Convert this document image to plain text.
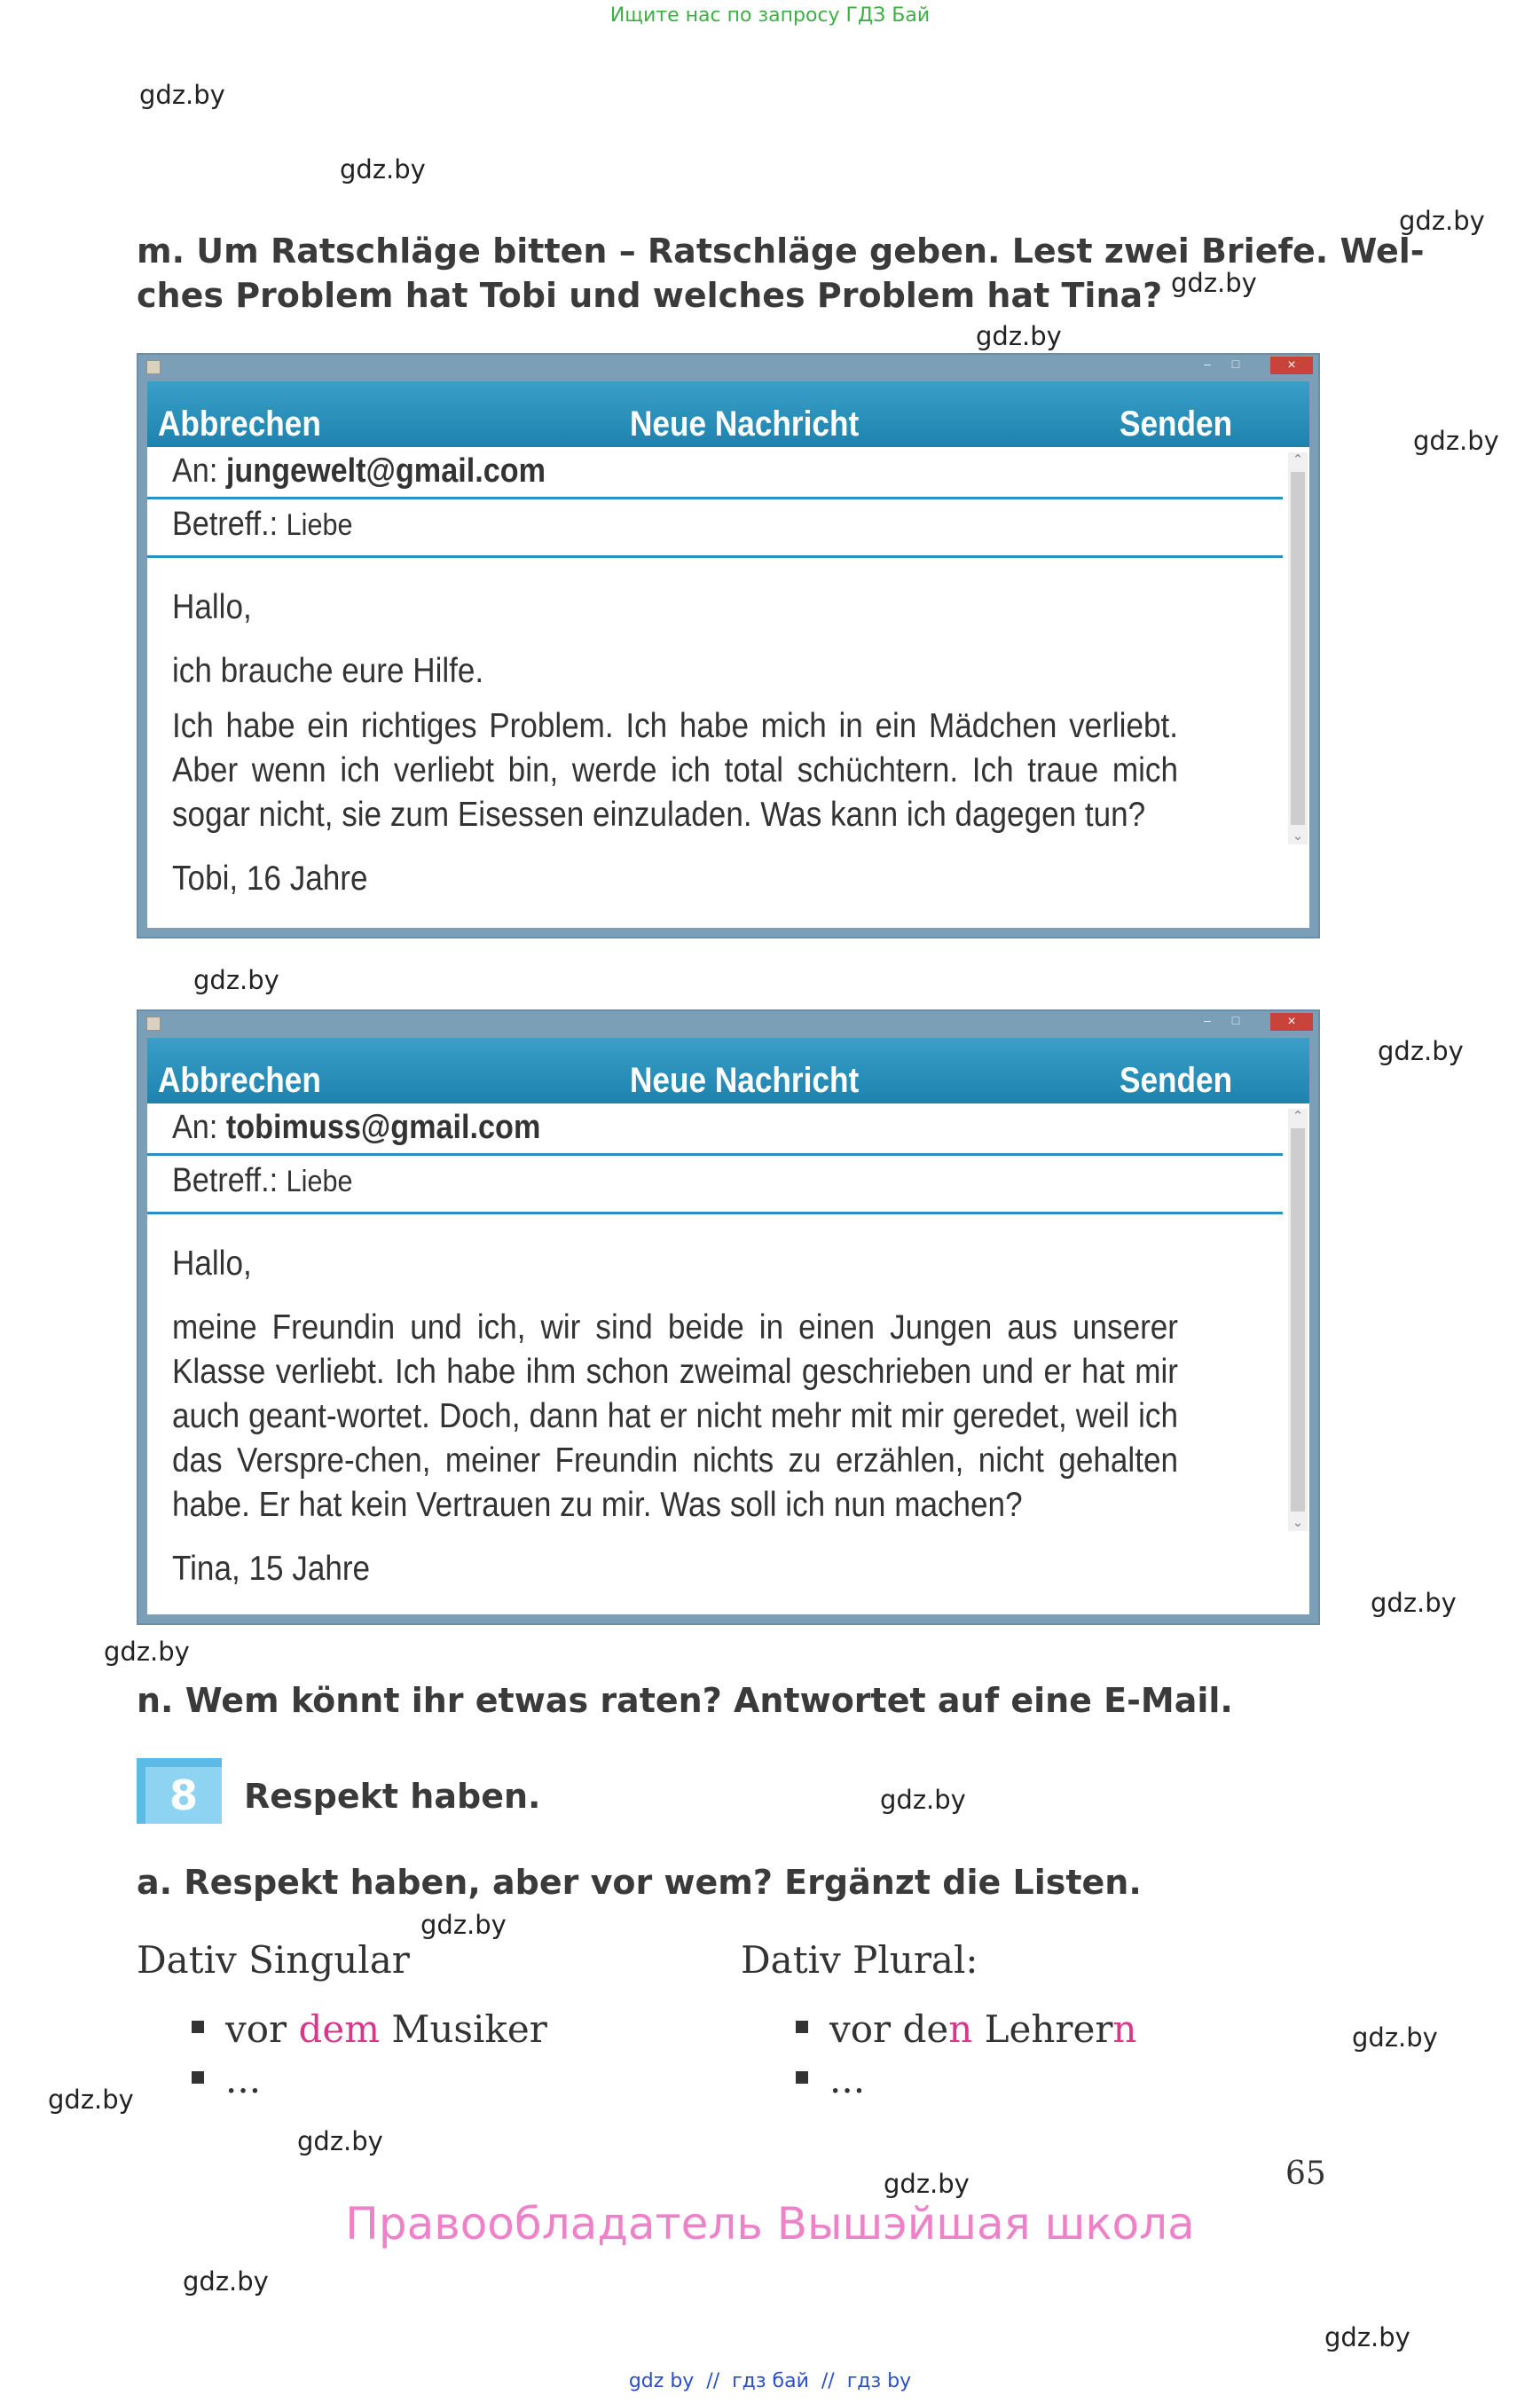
Ищите нас по запросу ГДЗ Бай
gdz.by
gdz.by
gdz.by
gdz.by
gdz.by
gdz.by
gdz.by
gdz.by
gdz.by
gdz.by
gdz.by
gdz.by
gdz.by
gdz.by
gdz.by
gdz.by
gdz.by
gdz.by
m. Um Ratschläge bitten – Ratschläge geben. Lest zwei Briefe. Wel-
ches Problem hat Tobi und welches Problem hat Tina?
–	□	×
Abbrechen	Neue Nachricht	Senden
An: jungewelt@gmail.com
Betreff.: Liebe

Hallo,

ich brauche eure Hilfe.

Ich habe ein richtiges Problem. Ich habe mich in ein Mädchen verliebt. Aber wenn ich verliebt bin, werde ich total schüchtern. Ich traue mich sogar nicht, sie zum Eisessen einzuladen. Was kann ich dagegen tun?

Tobi, 16 Jahre

⌃
⌄
–	□	×
Abbrechen	Neue Nachricht	Senden
An: tobimuss@gmail.com
Betreff.: Liebe

Hallo,

meine Freundin und ich, wir sind beide in einen Jungen aus unserer Klasse verliebt. Ich habe ihm schon zweimal geschrieben und er hat mir auch geant-wortet. Doch, dann hat er nicht mehr mit mir geredet, weil ich das Verspre-chen, meiner Freundin nichts zu erzählen, nicht gehalten habe. Er hat kein Vertrauen zu mir. Was soll ich nun machen?

Tina, 15 Jahre

⌃
⌄
n. Wem könnt ihr etwas raten? Antwortet auf eine E-Mail.
8	Respekt haben.
a. Respekt haben, aber vor wem? Ergänzt die Listen.
Dativ Singular
vor dem Musiker
...
Dativ Plural:
vor den Lehrern
...
65
Правообладатель Вышэйшая школа
gdz by  //  гдз бай  //  гдз by
